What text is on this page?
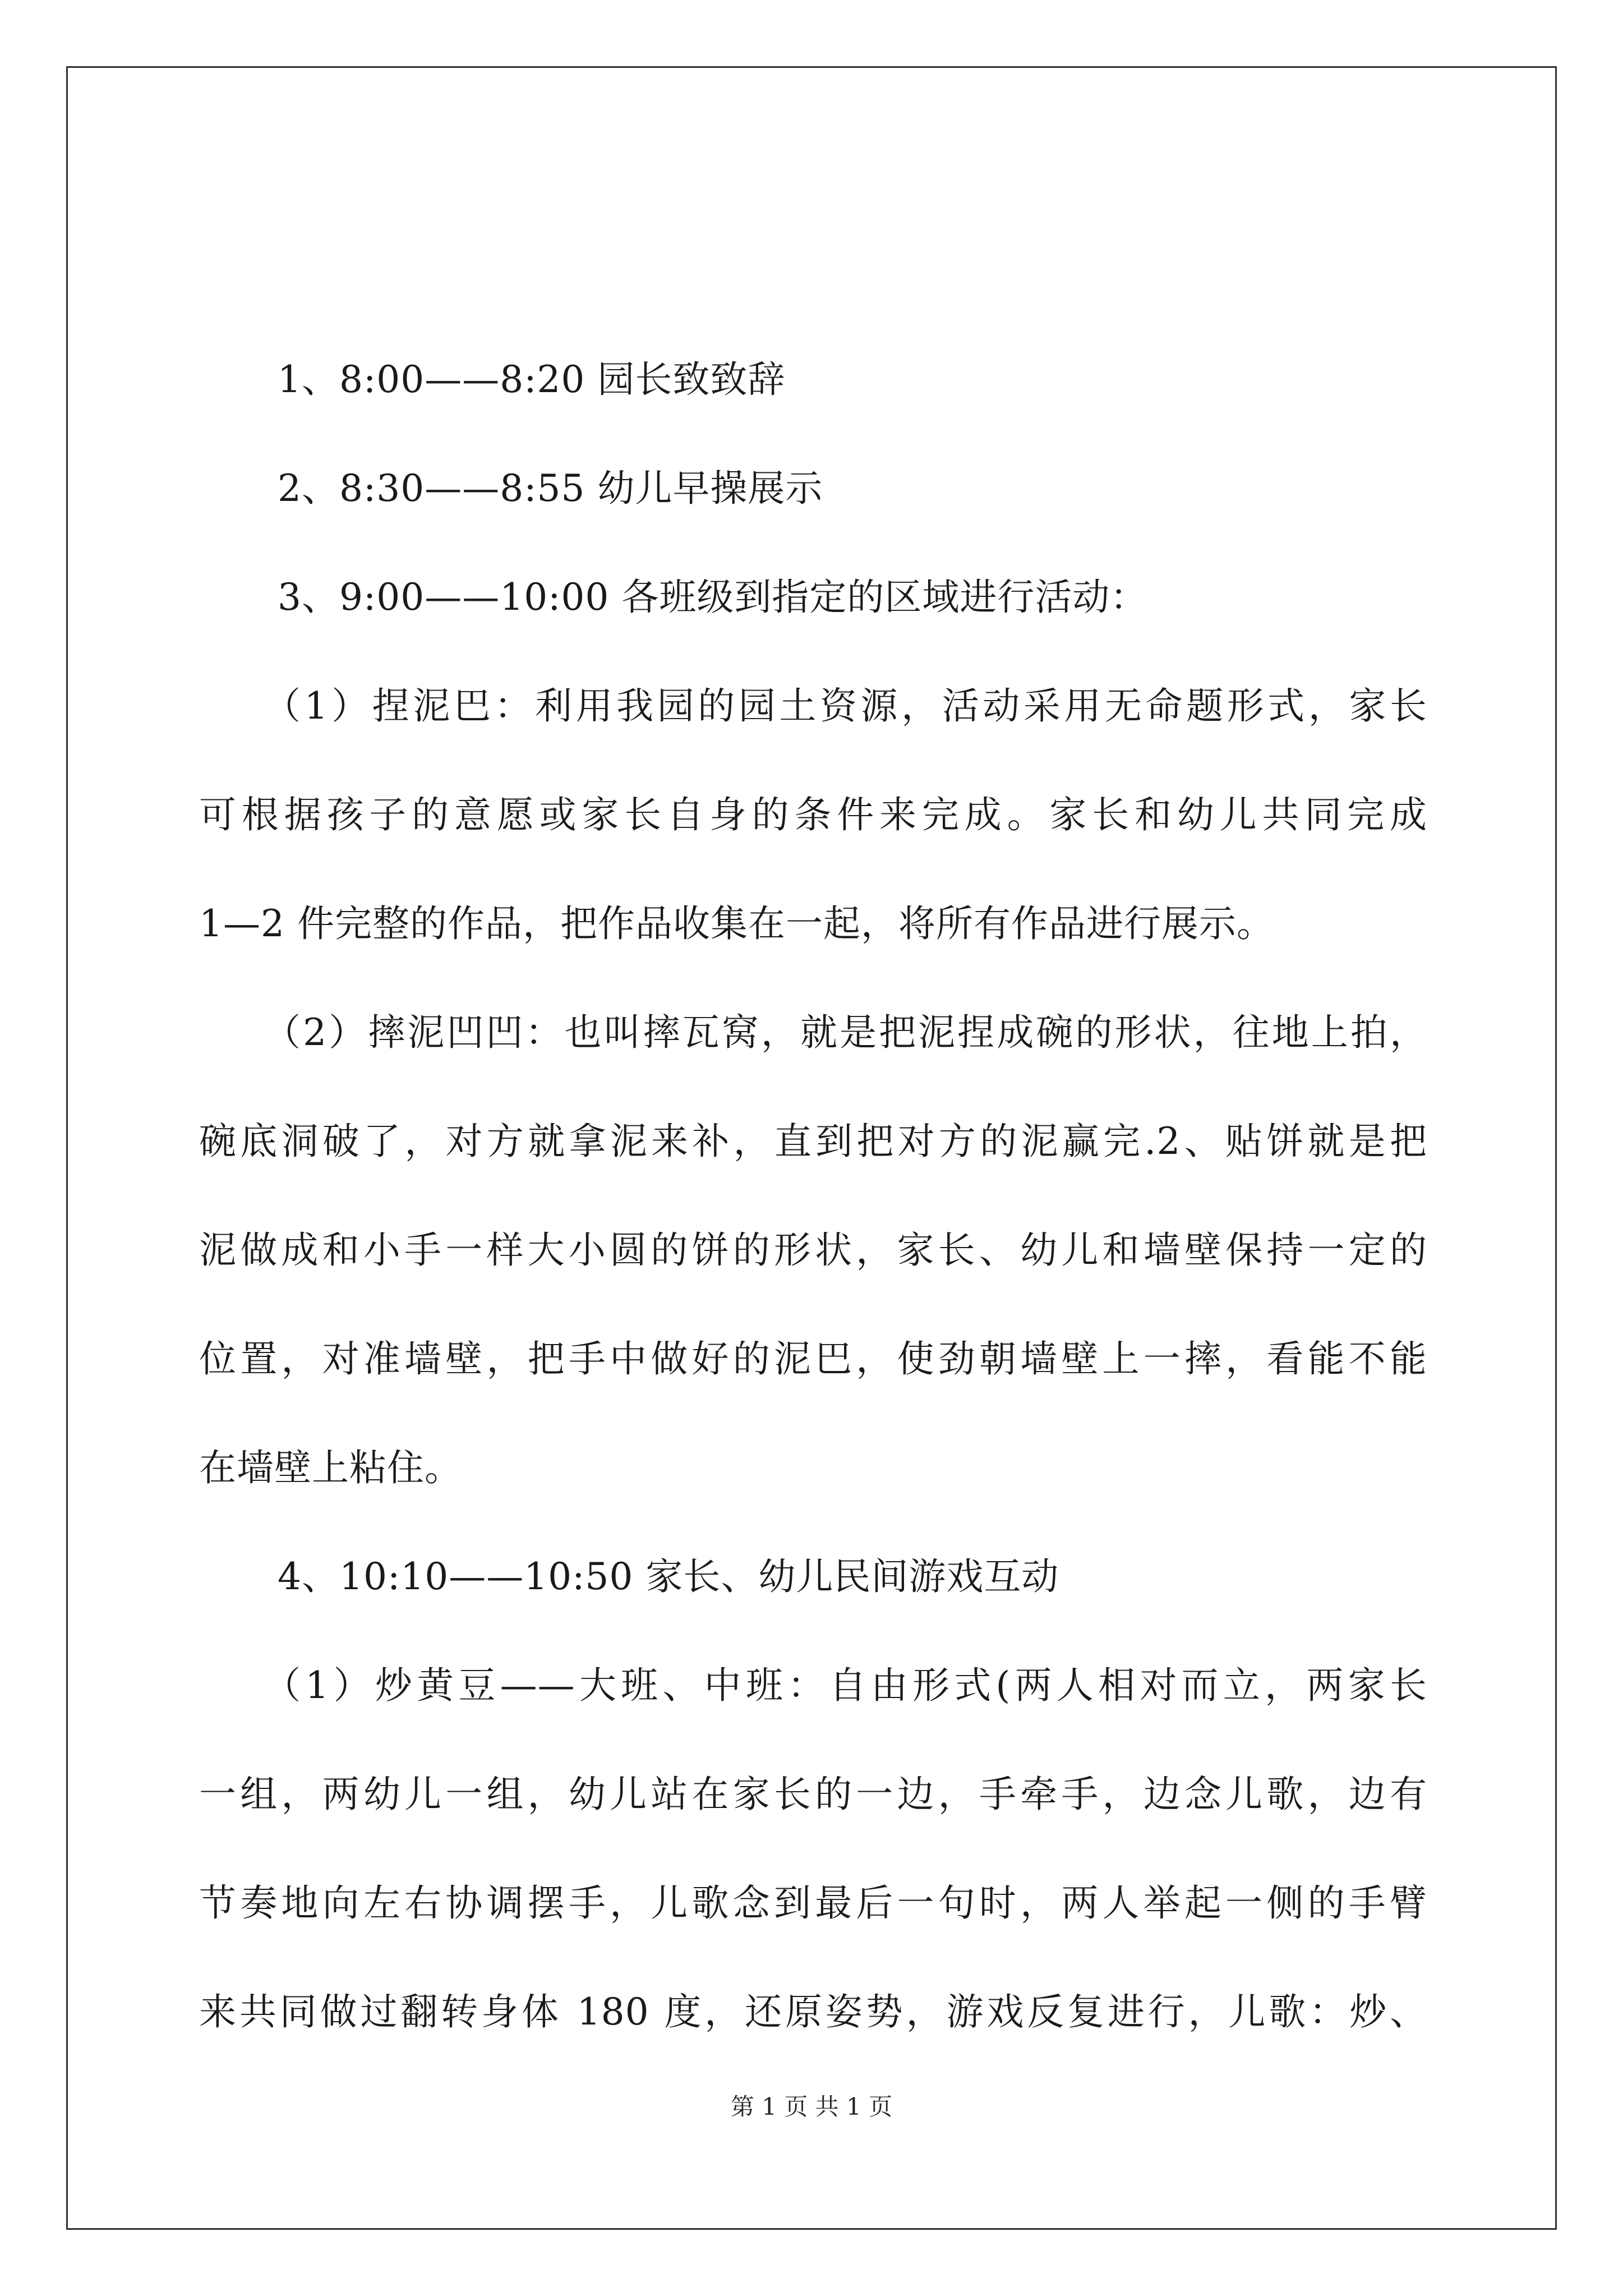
1、8:00——8:20 园长致致辞
2、8:30——8:55 幼儿早操展示
3、9:00——10:00 各班级到指定的区域进行活动：
（1）捏泥巴：利用我园的园土资源，活动采用无命题形式，家长
可根据孩子的意愿或家长自身的条件来完成。家长和幼儿共同完成
1—2 件完整的作品，把作品收集在一起，将所有作品进行展示。
（2）摔泥凹凹：也叫摔瓦窝，就是把泥捏成碗的形状，往地上拍，
碗底洞破了，对方就拿泥来补，直到把对方的泥赢完.2、贴饼就是把
泥做成和小手一样大小圆的饼的形状，家长、幼儿和墙壁保持一定的
位置，对准墙壁，把手中做好的泥巴，使劲朝墙壁上一摔，看能不能
在墙壁上粘住。
4、10:10——10:50 家长、幼儿民间游戏互动
（1）炒黄豆——大班、中班：自由形式(两人相对而立，两家长
一组，两幼儿一组，幼儿站在家长的一边，手牵手，边念儿歌，边有
节奏地向左右协调摆手，儿歌念到最后一句时，两人举起一侧的手臂
来共同做过翻转身体 180 度，还原姿势，游戏反复进行，儿歌：炒、
第 1 页 共 1 页
